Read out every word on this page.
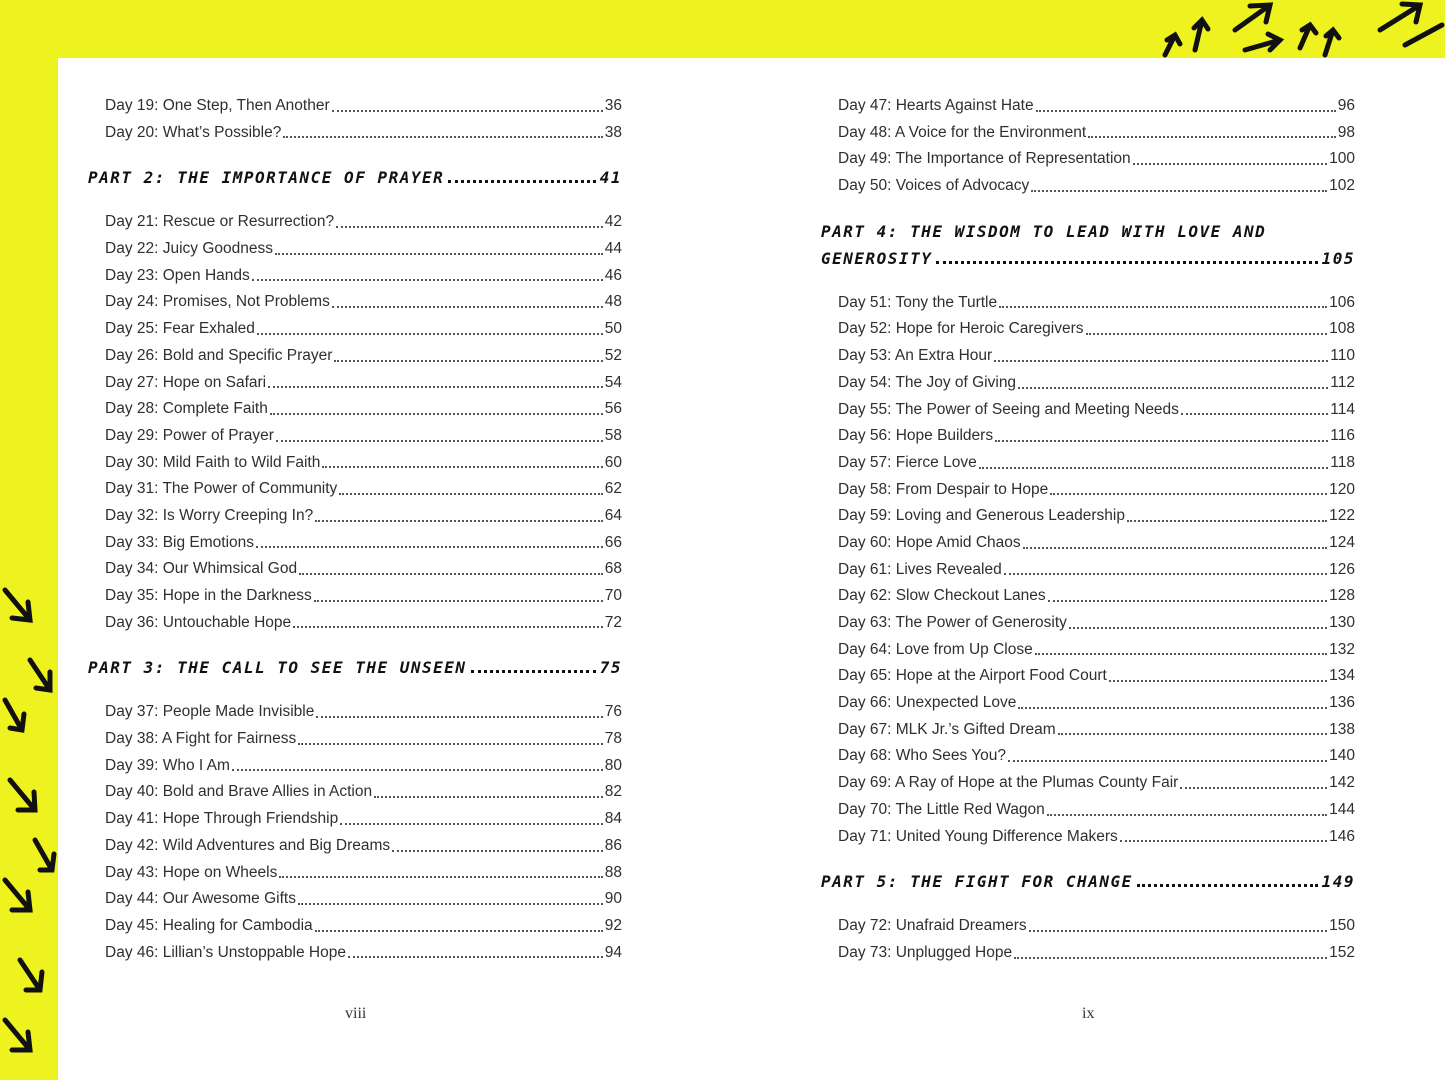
Day 19: One Step, Then Another	36
Day 20: What’s Possible?	38
PART 2: THE IMPORTANCE OF PRAYER	41
Day 21: Rescue or Resurrection?	42
Day 22: Juicy Goodness	44
Day 23: Open Hands	46
Day 24: Promises, Not Problems	48
Day 25: Fear Exhaled	50
Day 26: Bold and Specific Prayer	52
Day 27: Hope on Safari	54
Day 28: Complete Faith	56
Day 29: Power of Prayer	58
Day 30: Mild Faith to Wild Faith	60
Day 31: The Power of Community	62
Day 32: Is Worry Creeping In?	64
Day 33: Big Emotions	66
Day 34: Our Whimsical God	68
Day 35: Hope in the Darkness	70
Day 36: Untouchable Hope	72
PART 3: THE CALL TO SEE THE UNSEEN	75
Day 37: People Made Invisible	76
Day 38: A Fight for Fairness	78
Day 39: Who I Am	80
Day 40: Bold and Brave Allies in Action	82
Day 41: Hope Through Friendship	84
Day 42: Wild Adventures and Big Dreams	86
Day 43: Hope on Wheels	88
Day 44: Our Awesome Gifts	90
Day 45: Healing for Cambodia	92
Day 46: Lillian’s Unstoppable Hope	94
Day 47: Hearts Against Hate	96
Day 48: A Voice for the Environment	98
Day 49: The Importance of Representation	100
Day 50: Voices of Advocacy	102
PART 4: THE WISDOM TO LEAD WITH LOVE AND
GENEROSITY	105
Day 51: Tony the Turtle	106
Day 52: Hope for Heroic Caregivers	108
Day 53: An Extra Hour	110
Day 54: The Joy of Giving	112
Day 55: The Power of Seeing and Meeting Needs	114
Day 56: Hope Builders	116
Day 57: Fierce Love	118
Day 58: From Despair to Hope	120
Day 59: Loving and Generous Leadership	122
Day 60: Hope Amid Chaos	124
Day 61: Lives Revealed	126
Day 62: Slow Checkout Lanes	128
Day 63: The Power of Generosity	130
Day 64: Love from Up Close	132
Day 65: Hope at the Airport Food Court	134
Day 66: Unexpected Love	136
Day 67: MLK Jr.’s Gifted Dream	138
Day 68: Who Sees You?	140
Day 69: A Ray of Hope at the Plumas County Fair	142
Day 70: The Little Red Wagon	144
Day 71: United Young Difference Makers	146
PART 5: THE FIGHT FOR CHANGE	149
Day 72: Unafraid Dreamers	150
Day 73: Unplugged Hope	152
viii	ix
